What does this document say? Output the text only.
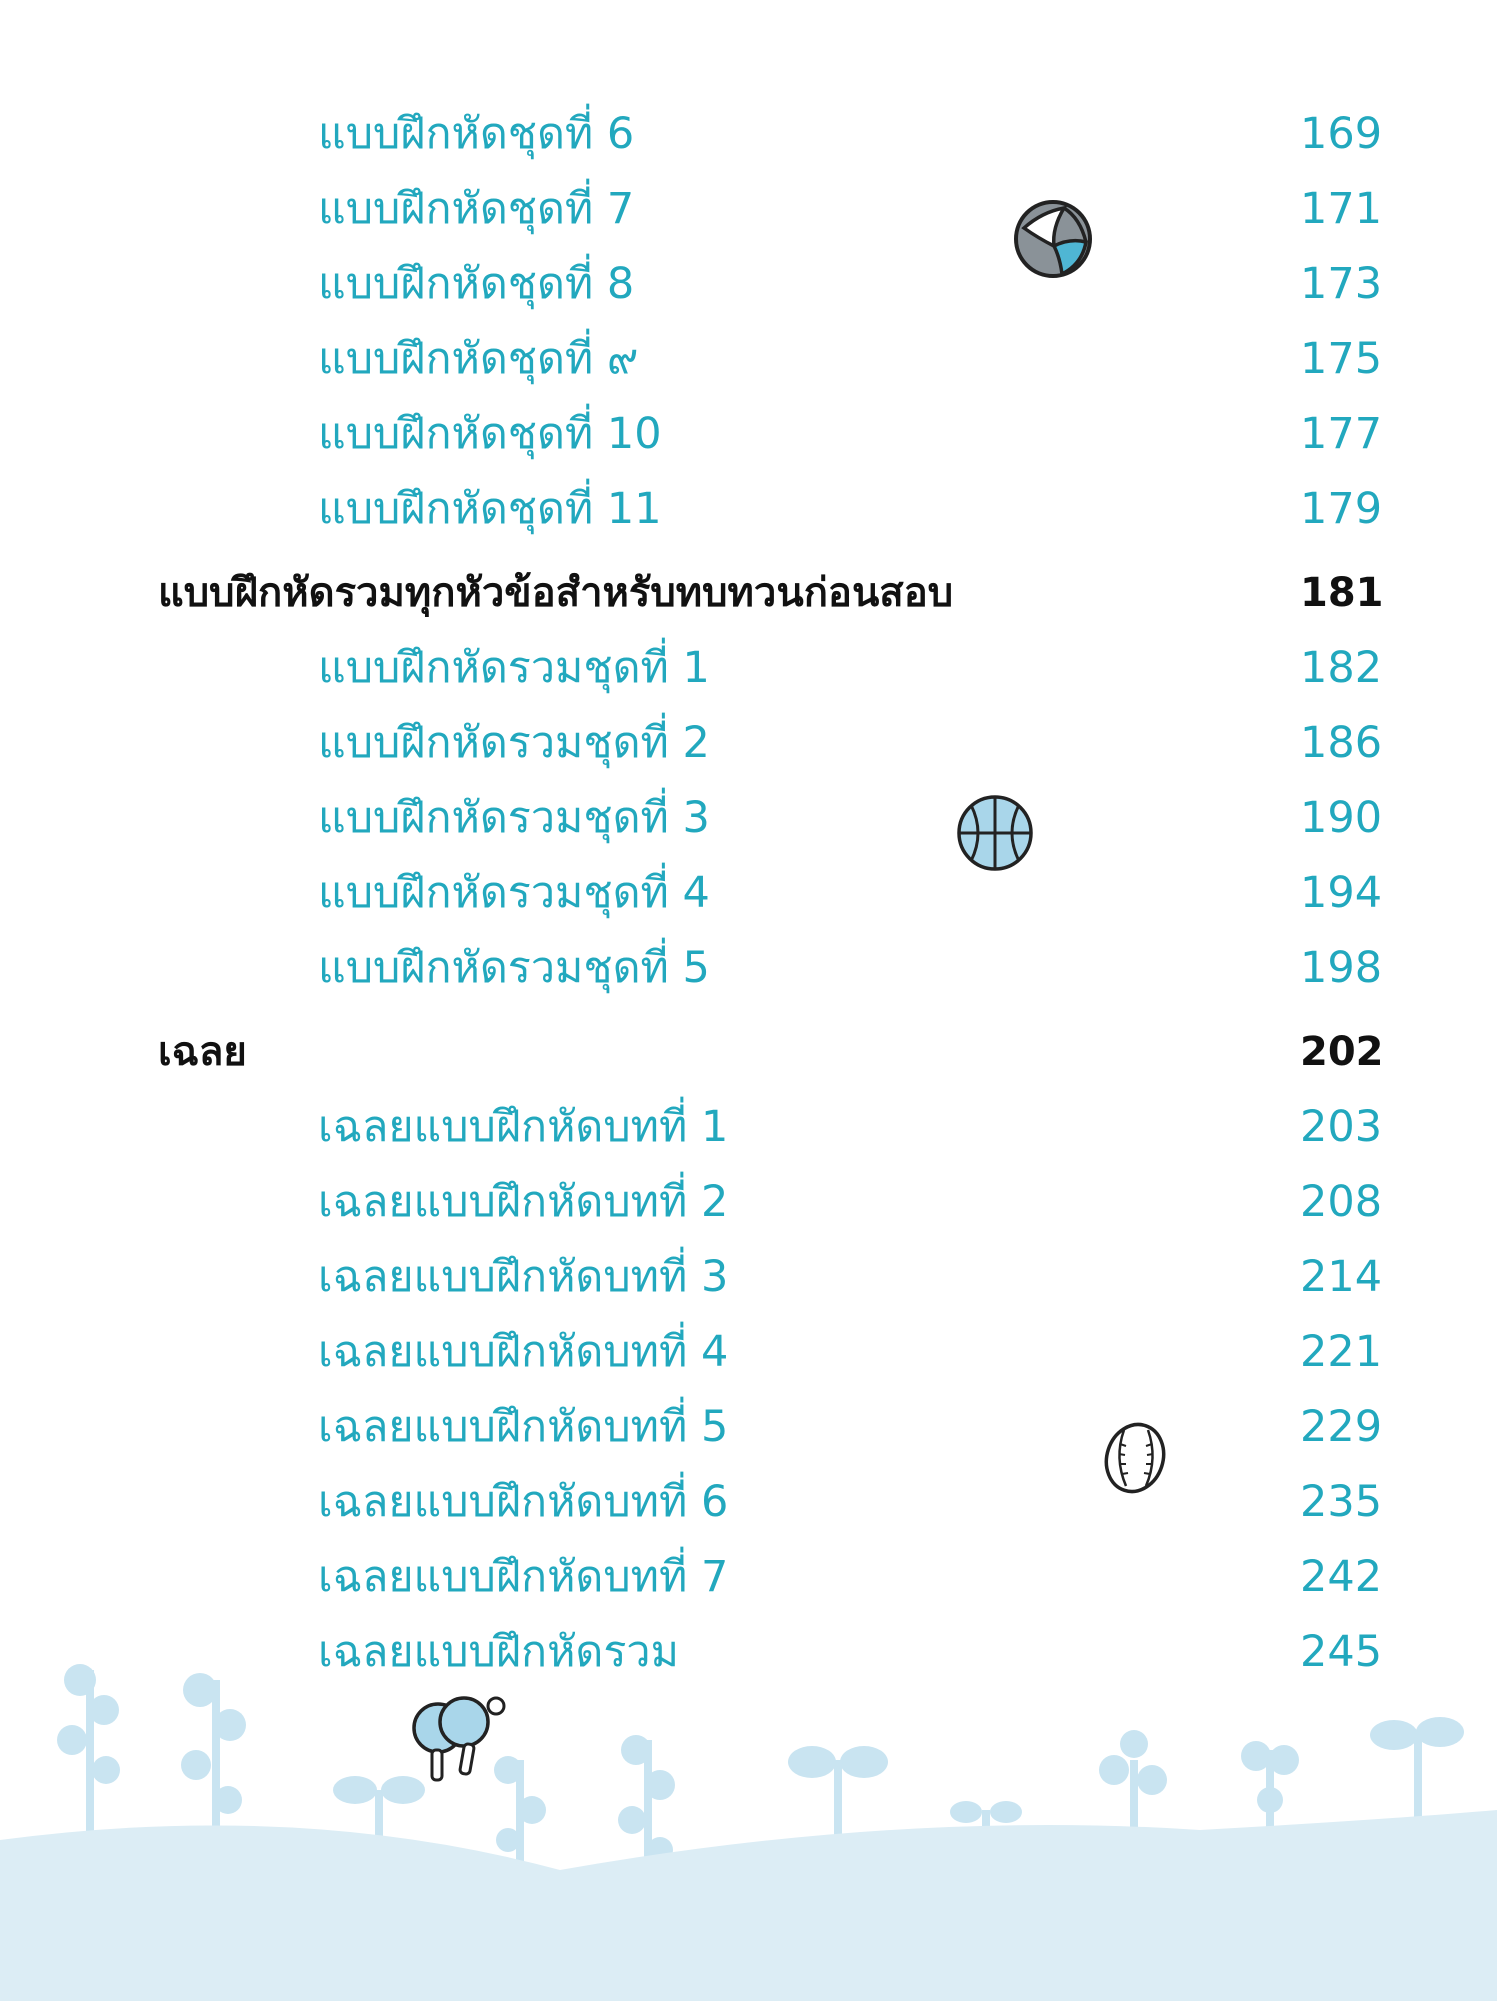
แบบฝึกหัดชุดที่ 6	169
แบบฝึกหัดชุดที่ 7	171
แบบฝึกหัดชุดที่ 8	173
แบบฝึกหัดชุดที่ ๙	175
แบบฝึกหัดชุดที่ 10	177
แบบฝึกหัดชุดที่ 11	179
แบบฝึกหัดรวมทุกหัวข้อสำหรับทบทวนก่อนสอบ	181
แบบฝึกหัดรวมชุดที่ 1	182
แบบฝึกหัดรวมชุดที่ 2	186
แบบฝึกหัดรวมชุดที่ 3	190
แบบฝึกหัดรวมชุดที่ 4	194
แบบฝึกหัดรวมชุดที่ 5	198
เฉลย	202
เฉลยแบบฝึกหัดบทที่ 1	203
เฉลยแบบฝึกหัดบทที่ 2	208
เฉลยแบบฝึกหัดบทที่ 3	214
เฉลยแบบฝึกหัดบทที่ 4	221
เฉลยแบบฝึกหัดบทที่ 5	229
เฉลยแบบฝึกหัดบทที่ 6	235
เฉลยแบบฝึกหัดบทที่ 7	242
เฉลยแบบฝึกหัดรวม	245
